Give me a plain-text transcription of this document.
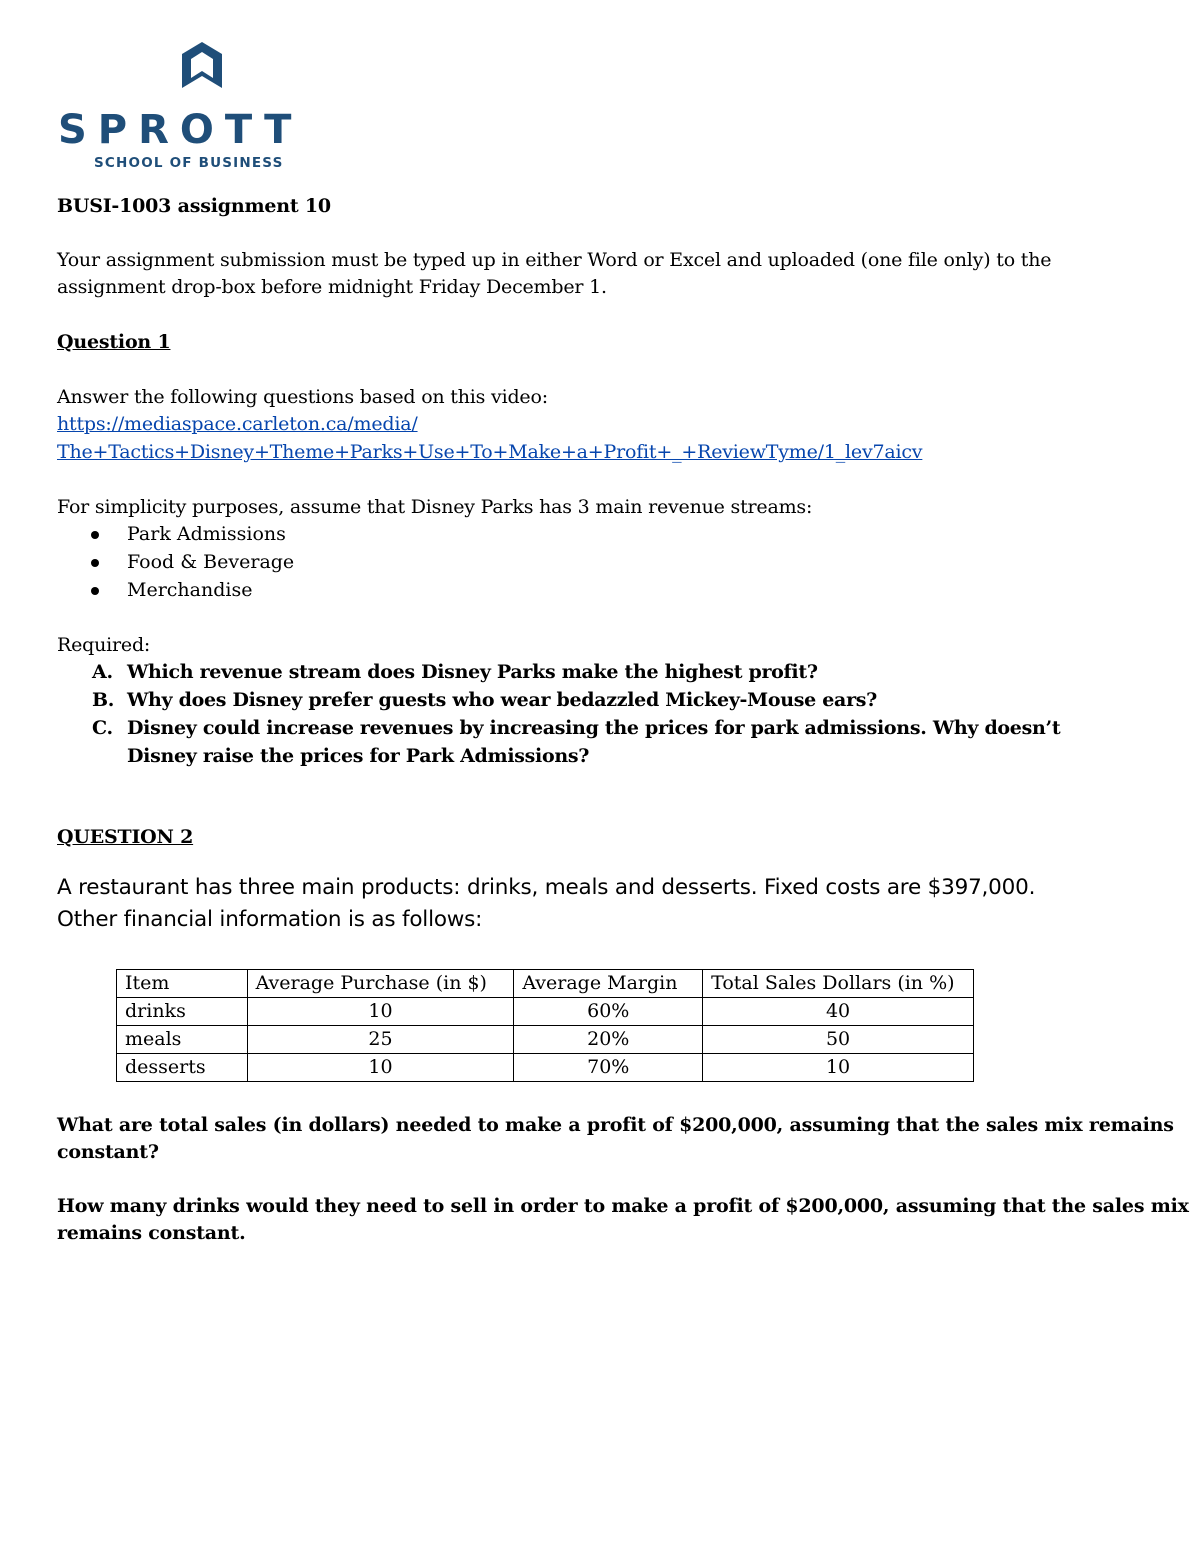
SPROTT
SCHOOL OF BUSINESS
BUSI-1003 assignment 10
Your assignment submission must be typed up in either Word or Excel and uploaded (one file only) to the
assignment drop-box before midnight Friday December 1.
Question 1
Answer the following questions based on this video:
https://mediaspace.carleton.ca/media/
The+Tactics+Disney+Theme+Parks+Use+To+Make+a+Profit+_+ReviewTyme/1_lev7aicv
For simplicity purposes, assume that Disney Parks has 3 main revenue streams:
Park Admissions
Food & Beverage
Merchandise
Required:
A. Which revenue stream does Disney Parks make the highest profit?
B. Why does Disney prefer guests who wear bedazzled Mickey-Mouse ears?
C. Disney could increase revenues by increasing the prices for park admissions. Why doesn’t
Disney raise the prices for Park Admissions?
QUESTION 2
A restaurant has three main products: drinks, meals and desserts. Fixed costs are $397,000.
Other financial information is as follows:
Item	Average Purchase (in $)	Average Margin	Total Sales Dollars (in %)
drinks	10	60%	40
meals	25	20%	50
desserts	10	70%	10
What are total sales (in dollars) needed to make a profit of $200,000, assuming that the sales mix remains
constant?
How many drinks would they need to sell in order to make a profit of $200,000, assuming that the sales mix
remains constant.
